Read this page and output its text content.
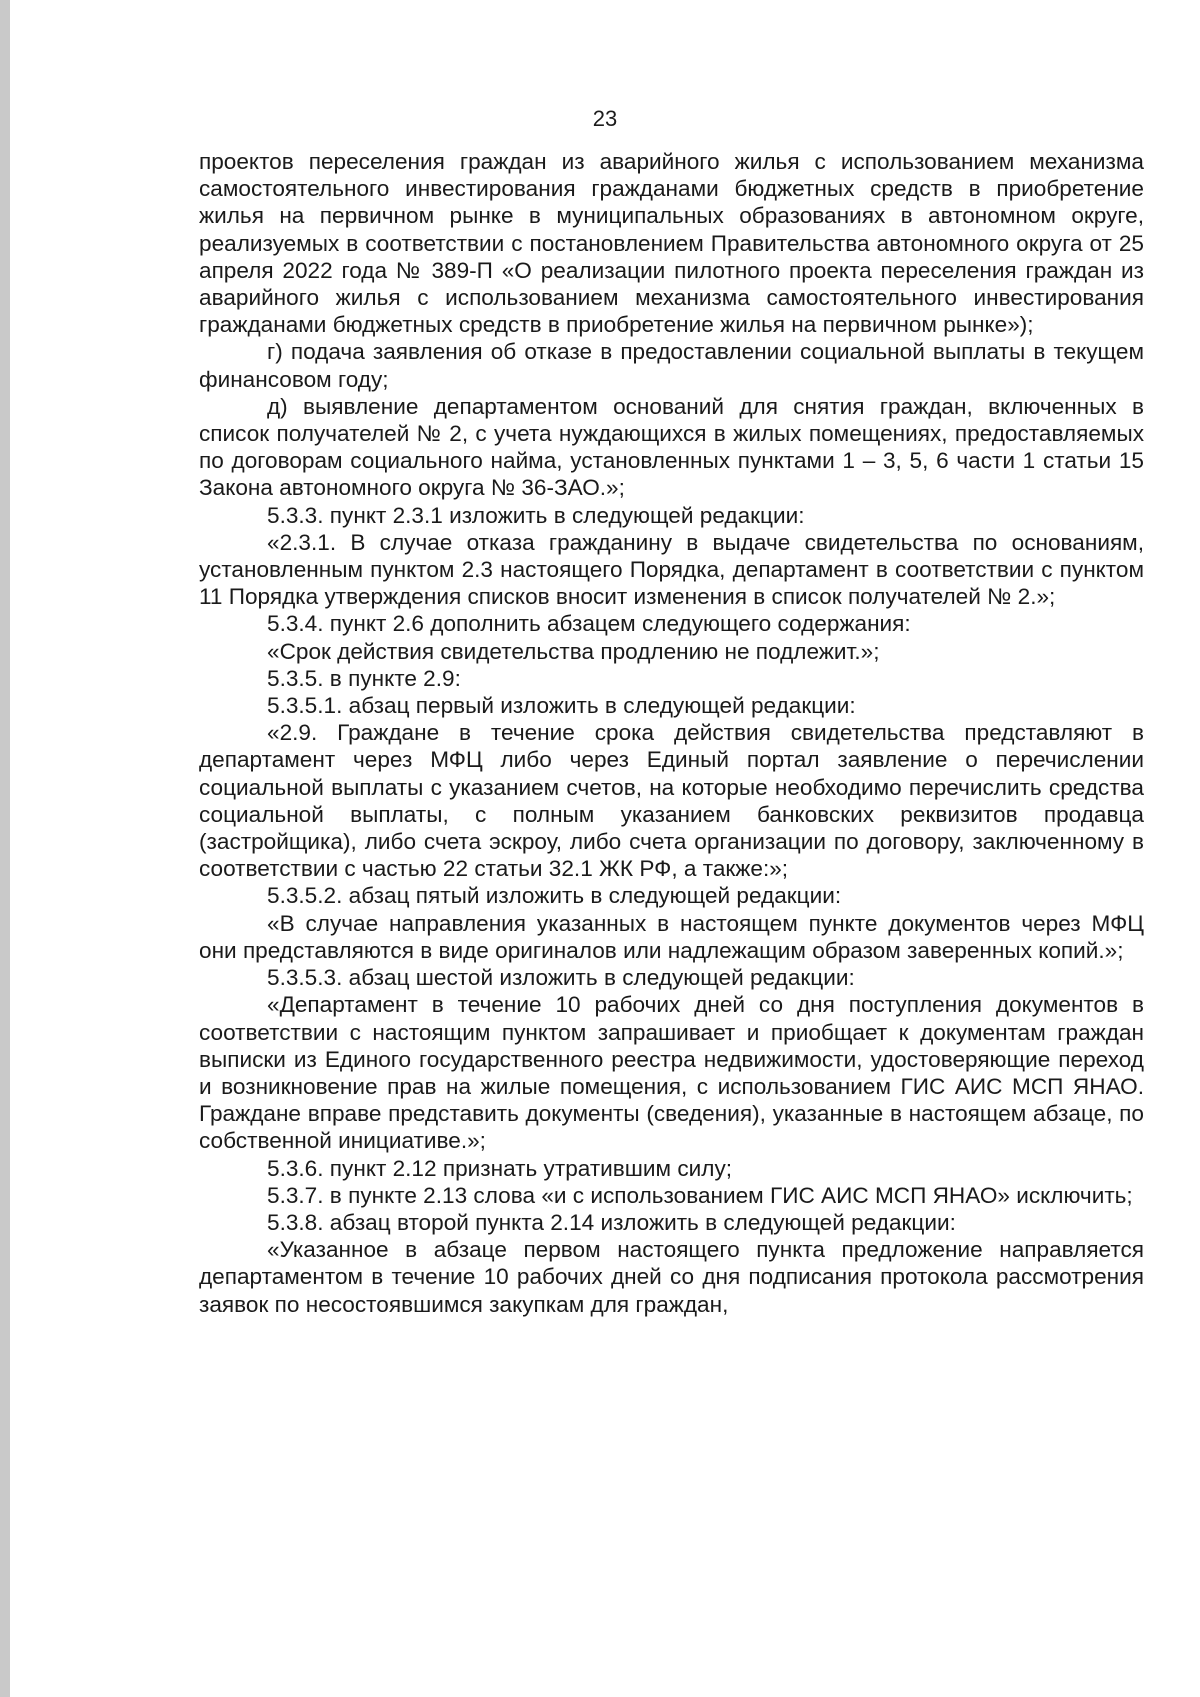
23

проектов переселения граждан из аварийного жилья с использованием механизма самостоятельного инвестирования гражданами бюджетных средств в приобретение жилья на первичном рынке в муниципальных образованиях в автономном округе, реализуемых в соответствии с постановлением Правительства автономного округа от 25 апреля 2022 года № 389-П «О реализации пилотного проекта переселения граждан из аварийного жилья с использованием механизма самостоятельного инвестирования гражданами бюджетных средств в приобретение жилья на первичном рынке»);

г) подача заявления об отказе в предоставлении социальной выплаты в текущем финансовом году;

д) выявление департаментом оснований для снятия граждан, включенных в список получателей № 2, с учета нуждающихся в жилых помещениях, предоставляемых по договорам социального найма, установленных пунктами 1 – 3, 5, 6 части 1 статьи 15 Закона автономного округа № 36-ЗАО.»;

5.3.3. пункт 2.3.1 изложить в следующей редакции:

«2.3.1. В случае отказа гражданину в выдаче свидетельства по основаниям, установленным пунктом 2.3 настоящего Порядка, департамент в соответствии с пунктом 11 Порядка утверждения списков вносит изменения в список получателей № 2.»;

5.3.4. пункт 2.6 дополнить абзацем следующего содержания:

«Срок действия свидетельства продлению не подлежит.»;

5.3.5. в пункте 2.9:

5.3.5.1. абзац первый изложить в следующей редакции:

«2.9. Граждане в течение срока действия свидетельства представляют в департамент через МФЦ либо через Единый портал заявление о перечислении социальной выплаты с указанием счетов, на которые необходимо перечислить средства социальной выплаты, с полным указанием банковских реквизитов продавца (застройщика), либо счета эскроу, либо счета организации по договору, заключенному в соответствии с частью 22 статьи 32.1 ЖК РФ, а также:»;

5.3.5.2. абзац пятый изложить в следующей редакции:

«В случае направления указанных в настоящем пункте документов через МФЦ они представляются в виде оригиналов или надлежащим образом заверенных копий.»;

5.3.5.3. абзац шестой изложить в следующей редакции:

«Департамент в течение 10 рабочих дней со дня поступления документов в соответствии с настоящим пунктом запрашивает и приобщает к документам граждан выписки из Единого государственного реестра недвижимости, удостоверяющие переход и возникновение прав на жилые помещения, с использованием ГИС АИС МСП ЯНАО. Граждане вправе представить документы (сведения), указанные в настоящем абзаце, по собственной инициативе.»;

5.3.6. пункт 2.12 признать утратившим силу;

5.3.7. в пункте 2.13 слова «и с использованием ГИС АИС МСП ЯНАО» исключить;

5.3.8. абзац второй пункта 2.14 изложить в следующей редакции:

«Указанное в абзаце первом настоящего пункта предложение направляется департаментом в течение 10 рабочих дней со дня подписания протокола рассмотрения заявок по несостоявшимся закупкам для граждан,
